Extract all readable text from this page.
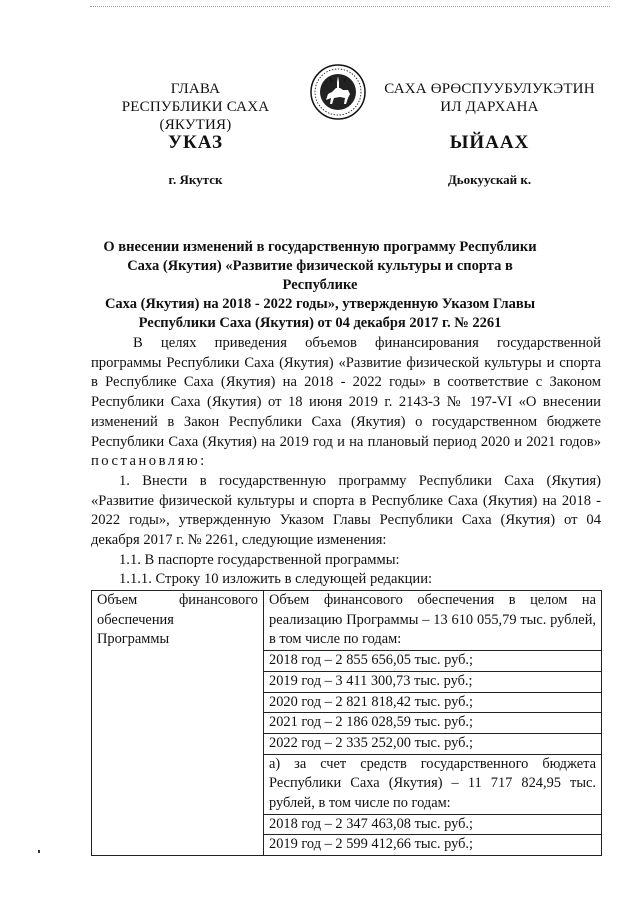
ГЛАВА
РЕСПУБЛИКИ САХА (ЯКУТИЯ)
САХА ӨРӨСПУУБУЛУКЭТИН
ИЛ ДАРХАНА
УКАЗ	ЫЙААХ
г. Якутск	Дьокуускай к.
О внесении изменений в государственную программу Республики
Саха (Якутия) «Развитие физической культуры и спорта в Республике
Саха (Якутия) на 2018 - 2022 годы», утвержденную Указом Главы
Республики Саха (Якутия) от 04 декабря 2017 г. № 2261

В целях приведения объемов финансирования государственной программы Республики Саха (Якутия) «Развитие физической культуры и спорта в Республике Саха (Якутия) на 2018 - 2022 годы» в соответствие с Законом Республики Саха (Якутия) от 18 июня 2019 г. 2143-З № 197-VI «О внесении изменений в Закон Республики Саха (Якутия) о государственном бюджете Республики Саха (Якутия) на 2019 год и на плановый период 2020 и 2021 годов» постановляю:

1. Внести в государственную программу Республики Саха (Якутия) «Развитие физической культуры и спорта в Республике Саха (Якутия) на 2018 - 2022 годы», утвержденную Указом Главы Республики Саха (Якутия) от 04 декабря 2017 г. № 2261, следующие изменения:

1.1. В паспорте государственной программы:

1.1.1. Строку 10 изложить в следующей редакции:

Объем финансового
обеспечения
Программы

Объем финансового обеспечения в целом на реализацию Программы – 13 610 055,79 тыс. рублей, в том числе по годам:
2018 год – 2 855 656,05 тыс. руб.;
2019 год – 3 411 300,73 тыс. руб.;
2020 год – 2 821 818,42 тыс. руб.;
2021 год – 2 186 028,59 тыс. руб.;
2022 год – 2 335 252,00 тыс. руб.;
а) за счет средств государственного бюджета Республики Саха (Якутия) – 11 717 824,95 тыс. рублей, в том числе по годам:
2018 год – 2 347 463,08 тыс. руб.;
2019 год – 2 599 412,66 тыс. руб.;
